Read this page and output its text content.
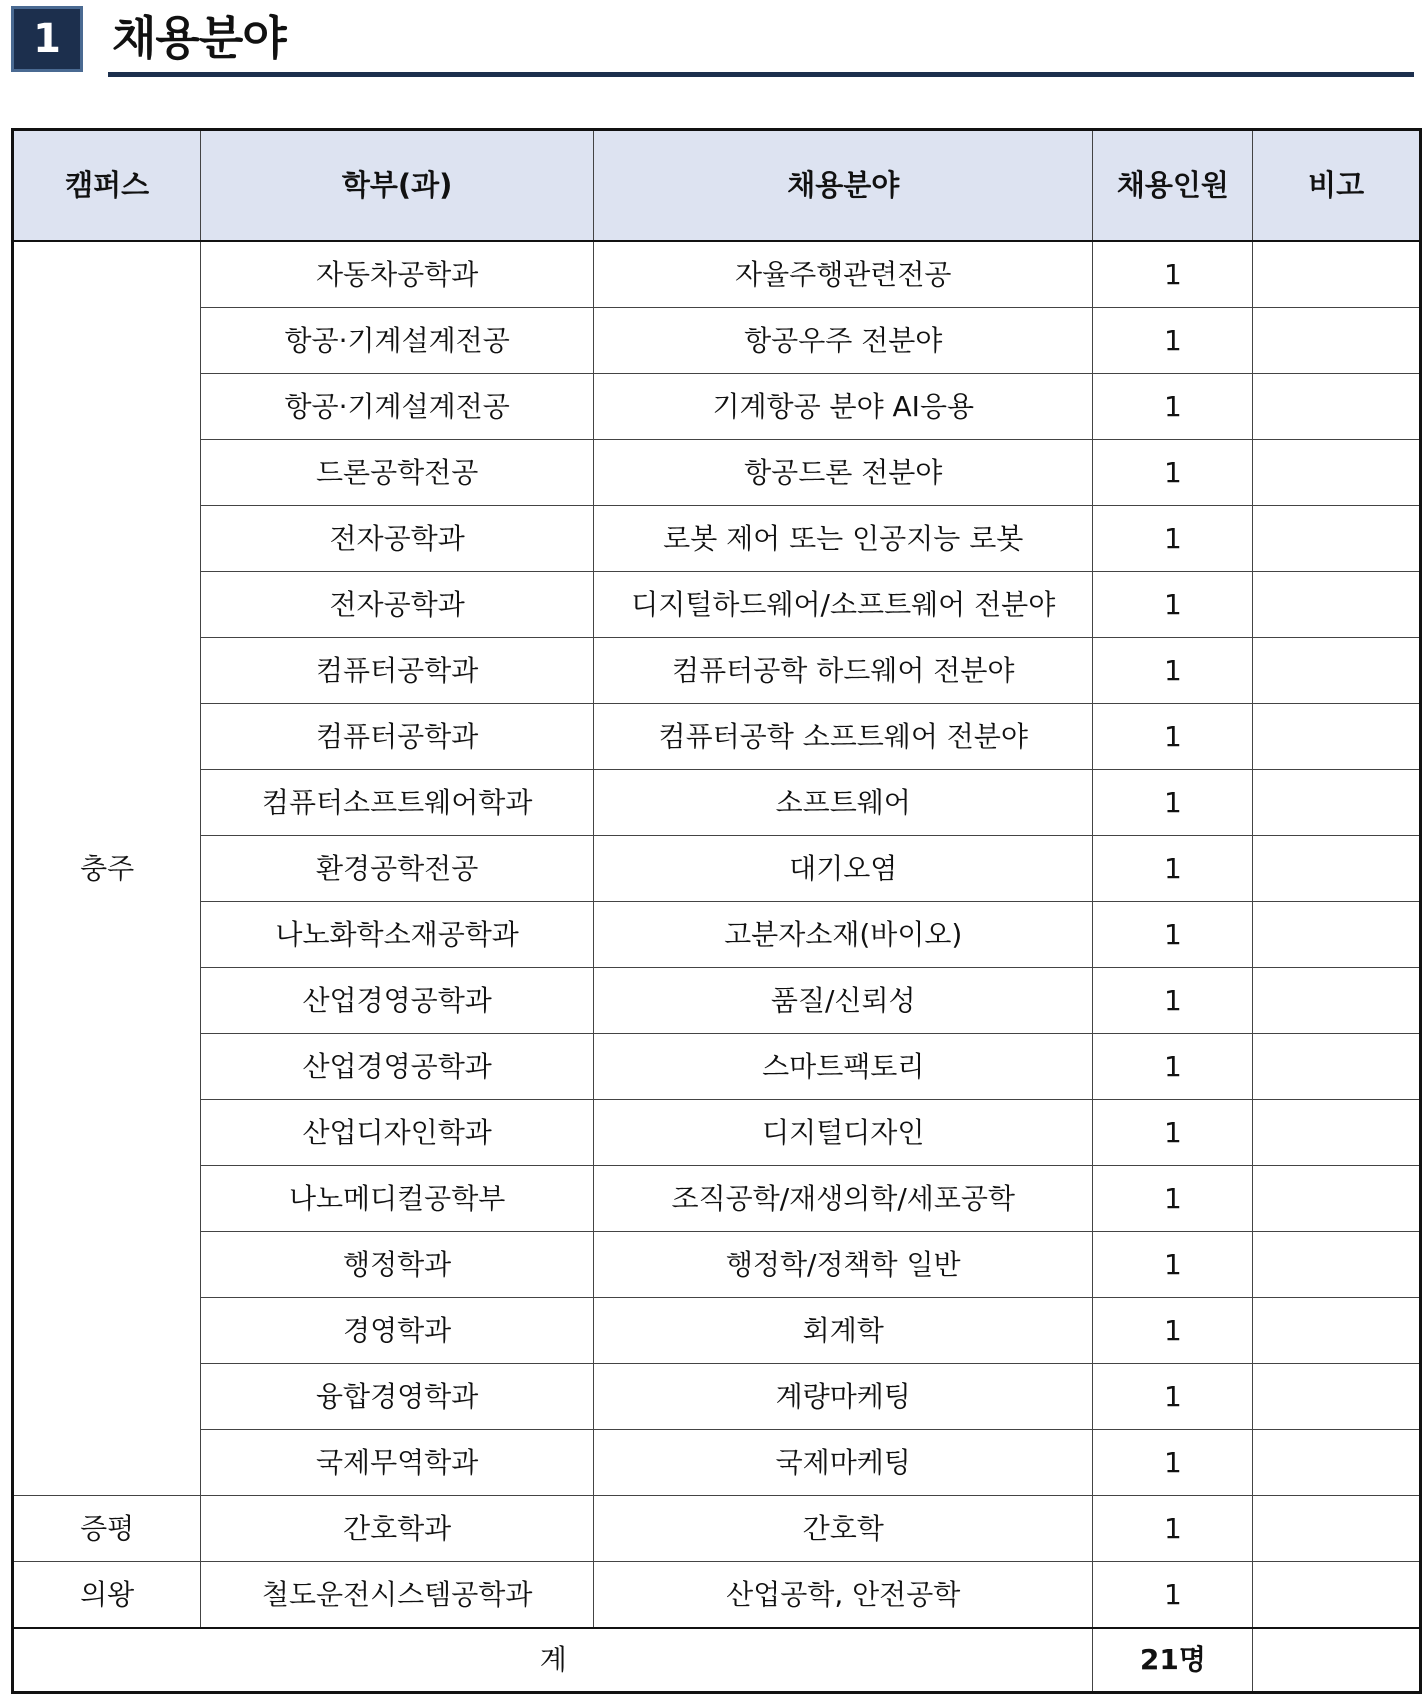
1 채용분야
캠퍼스	학부(과)	채용분야	채용인원	비고
충주	자동차공학과	자율주행관련전공	1	
	항공·기계설계전공	항공우주 전분야	1	
	항공·기계설계전공	기계항공 분야 AI응용	1	
	드론공학전공	항공드론 전분야	1	
	전자공학과	로봇 제어 또는 인공지능 로봇	1	
	전자공학과	디지털하드웨어/소프트웨어 전분야	1	
	컴퓨터공학과	컴퓨터공학 하드웨어 전분야	1	
	컴퓨터공학과	컴퓨터공학 소프트웨어 전분야	1	
	컴퓨터소프트웨어학과	소프트웨어	1	
	환경공학전공	대기오염	1	
	나노화학소재공학과	고분자소재(바이오)	1	
	산업경영공학과	품질/신뢰성	1	
	산업경영공학과	스마트팩토리	1	
	산업디자인학과	디지털디자인	1	
	나노메디컬공학부	조직공학/재생의학/세포공학	1	
	행정학과	행정학/정책학 일반	1	
	경영학과	회계학	1	
	융합경영학과	계량마케팅	1	
	국제무역학과	국제마케팅	1	
증평	간호학과	간호학	1	
의왕	철도운전시스템공학과	산업공학, 안전공학	1	
계			21명	
